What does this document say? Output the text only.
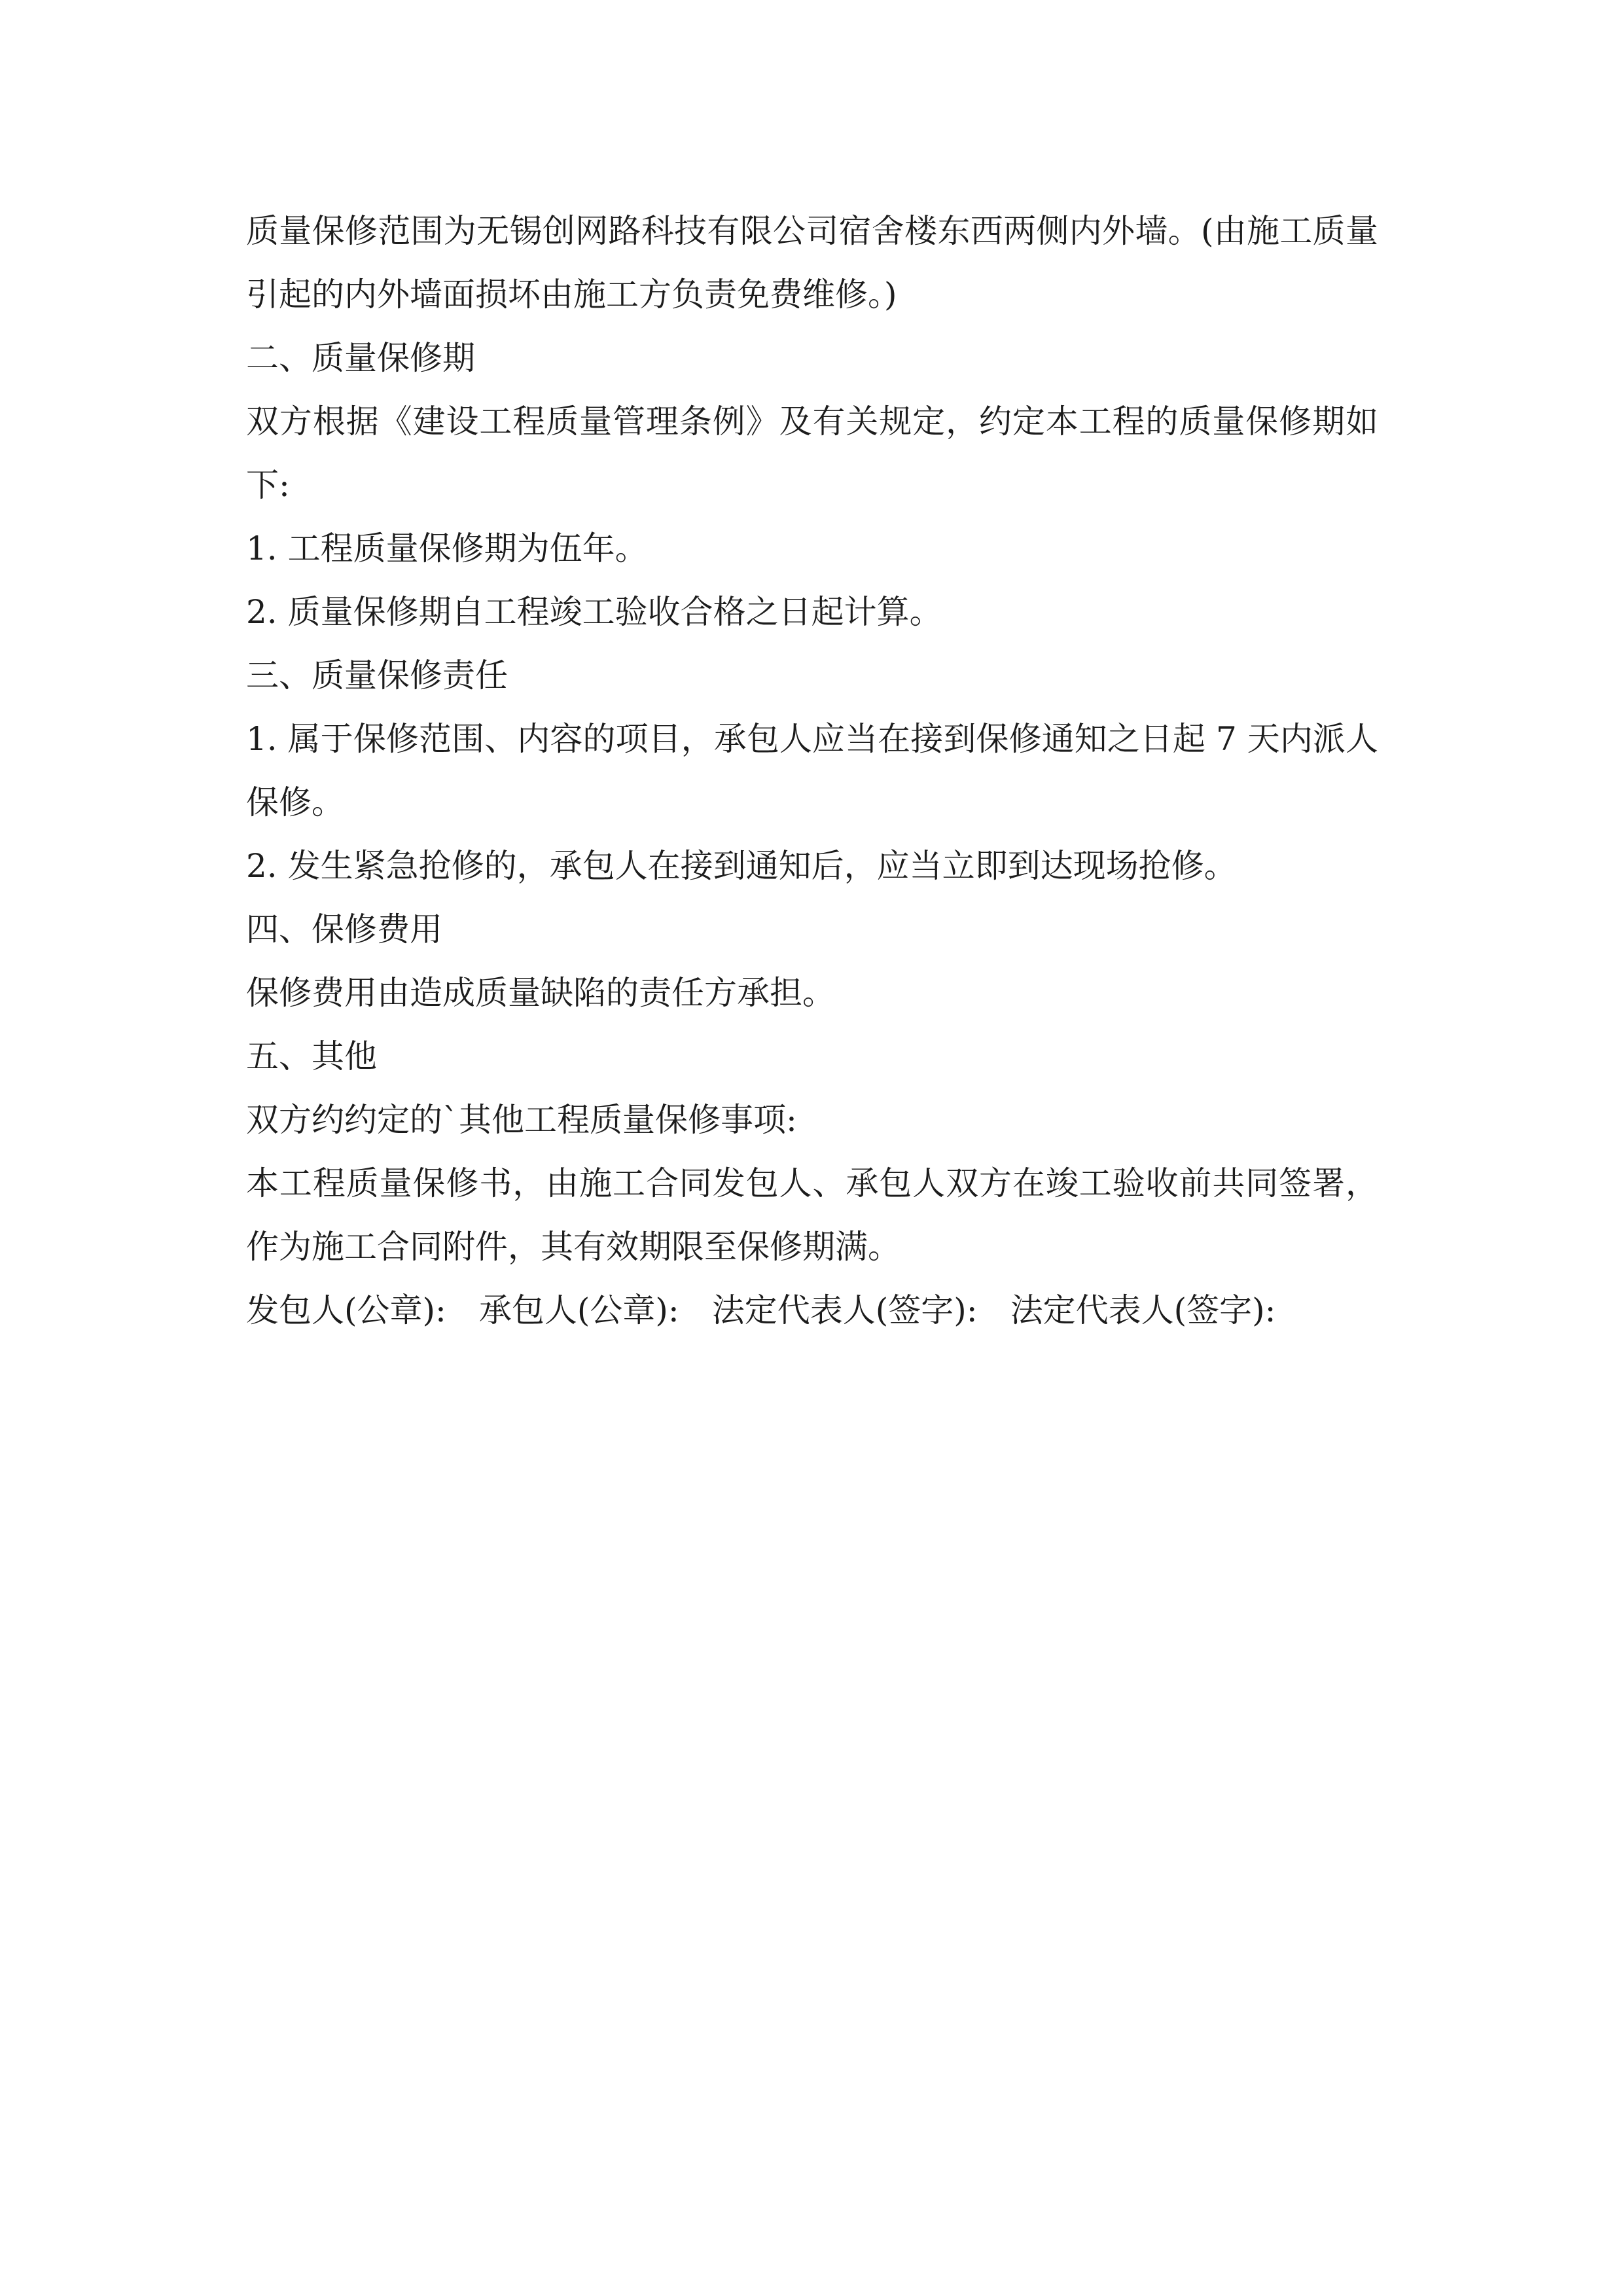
质量保修范围为无锡创网路科技有限公司宿舍楼东西两侧内外墙。(由施工质量引起的内外墙面损坏由施工方负责免费维修。)

二、质量保修期

双方根据《建设工程质量管理条例》及有关规定，约定本工程的质量保修期如下:

1. 工程质量保修期为伍年。

2. 质量保修期自工程竣工验收合格之日起计算。

三、质量保修责任

1. 属于保修范围、内容的项目，承包人应当在接到保修通知之日起 7 天内派人保修。

2. 发生紧急抢修的，承包人在接到通知后，应当立即到达现场抢修。

四、保修费用

保修费用由造成质量缺陷的责任方承担。

五、其他

双方约约定的`其他工程质量保修事项:

本工程质量保修书，由施工合同发包人、承包人双方在竣工验收前共同签署，作为施工合同附件，其有效期限至保修期满。

发包人(公章): 承包人(公章): 法定代表人(签字): 法定代表人(签字):
